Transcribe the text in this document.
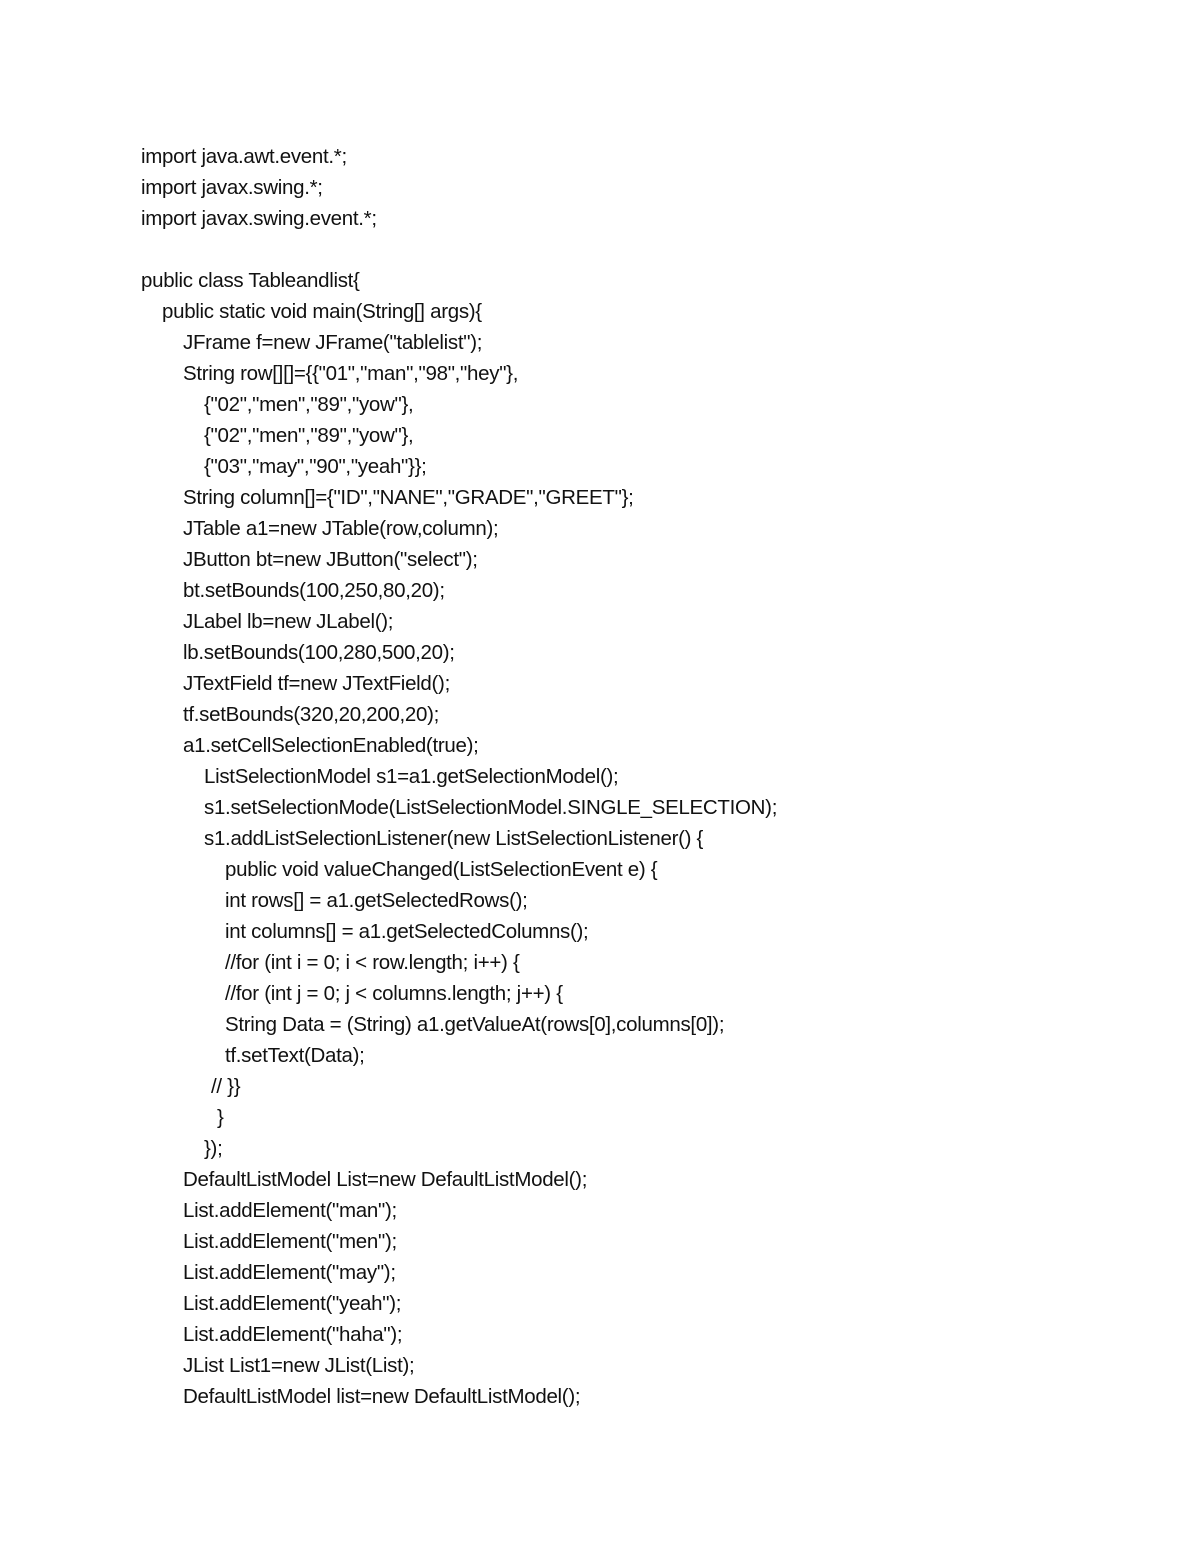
import java.awt.event.*;
import javax.swing.*;
import javax.swing.event.*;
public class Tableandlist{
public static void main(String[] args){
JFrame f=new JFrame("tablelist");
String row[][]={{"01","man","98","hey"},
{"02","men","89","yow"},
{"02","men","89","yow"},
{"03","may","90","yeah"}};
String column[]={"ID","NANE","GRADE","GREET"};
JTable a1=new JTable(row,column);
JButton bt=new JButton("select");
bt.setBounds(100,250,80,20);
JLabel lb=new JLabel();
lb.setBounds(100,280,500,20);
JTextField tf=new JTextField();
tf.setBounds(320,20,200,20);
a1.setCellSelectionEnabled(true);
ListSelectionModel s1=a1.getSelectionModel();
s1.setSelectionMode(ListSelectionModel.SINGLE_SELECTION);
s1.addListSelectionListener(new ListSelectionListener() {
public void valueChanged(ListSelectionEvent e) {
int rows[] = a1.getSelectedRows();
int columns[] = a1.getSelectedColumns();
//for (int i = 0; i < row.length; i++) {
//for (int j = 0; j < columns.length; j++) {
String Data = (String) a1.getValueAt(rows[0],columns[0]);
tf.setText(Data);
// }}
}
});
DefaultListModel List=new DefaultListModel();
List.addElement("man");
List.addElement("men");
List.addElement("may");
List.addElement("yeah");
List.addElement("haha");
JList List1=new JList(List);
DefaultListModel list=new DefaultListModel();
